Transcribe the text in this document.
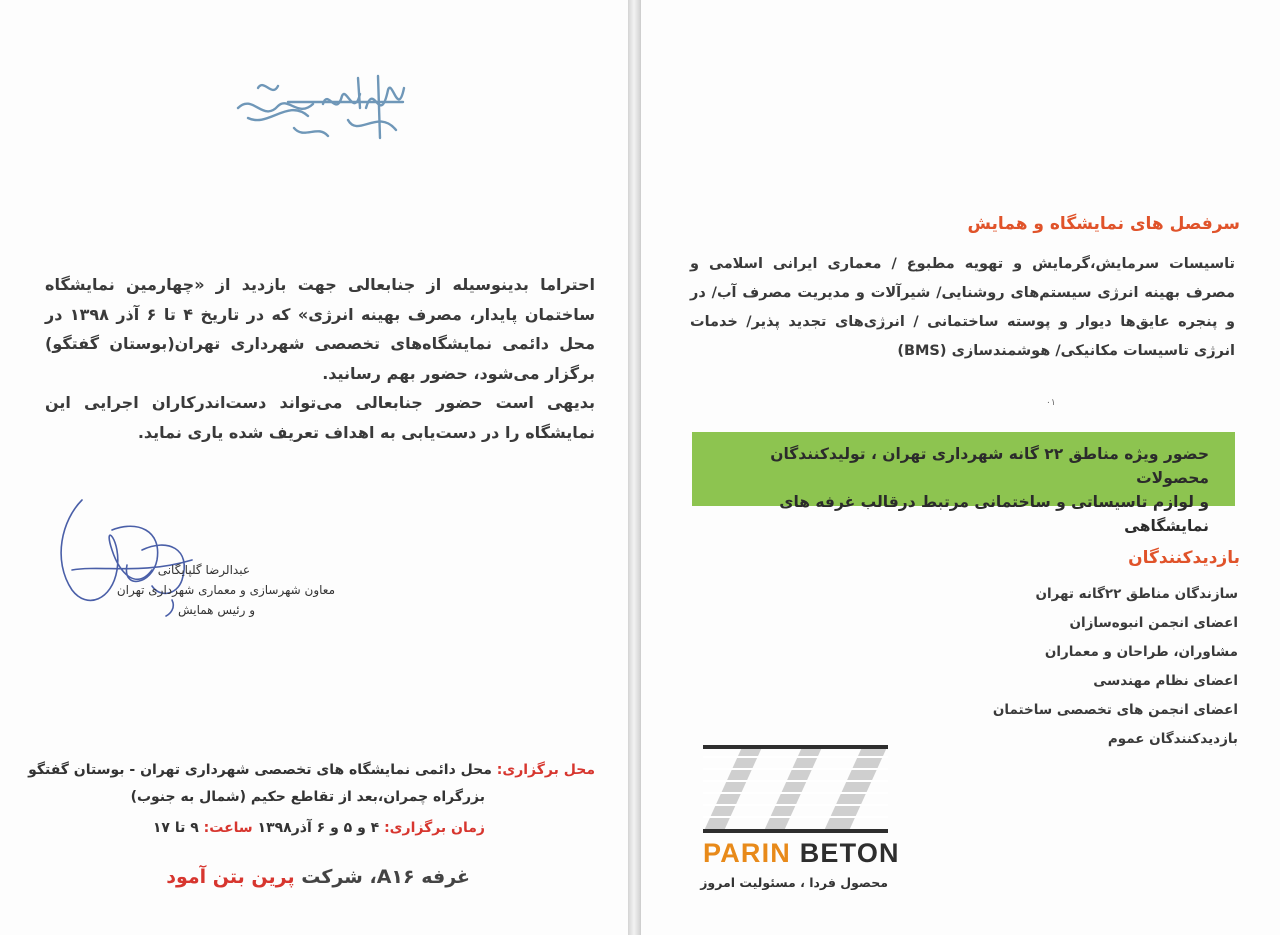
احتراما بدینوسیله از جنابعالی جهت بازدید از «چهارمین نمایشگاه ساختمان پایدار، مصرف بهینه انرژی» که در تاریخ ۴ تا ۶ آذر ۱۳۹۸ در محل دائمی نمایشگاه‌های تخصصی شهرداری تهران(بوستان گفتگو) برگزار می‌شود، حضور بهم رسانید.

بدیهی است حضور جنابعالی می‌تواند دست‌اندرکاران اجرایی این نمایشگاه را در دست‌یابی به اهداف تعریف شده یاری نماید.

عبدالرضا گلپایگانی
معاون شهرسازی و معماری شهرداری تهران
و رئیس همایش
محل برگزاری: محل دائمی نمایشگاه های تخصصی شهرداری تهران - بوستان گفتگو
بزرگراه چمران،بعد از تقاطع حکیم (شمال به جنوب)
زمان برگزاری: ۴ و ۵ و ۶ آذر۱۳۹۸ ساعت: ۹ تا ۱۷
غرفه A۱۶، شرکت پرین بتن آمود
سرفصل های نمایشگاه و همایش

تاسیسات سرمایش،گرمایش و تهویه مطبوع / معماری ایرانی اسلامی و مصرف بهینه انرژی سیستم‌های روشنایی/ شیرآلات و مدیریت مصرف آب/ در و پنجره عایق‌ها دیوار و پوسته ساختمانی / انرژی‌های تجدید پذیر/ خدمات انرژی تاسیسات مکانیکی/ هوشمندسازی (BMS)

۰۱

حضور ویژه مناطق ۲۲ گانه شهرداری تهران ، تولیدکنندگان محصولات

و لوازم تاسیساتی و ساختمانی مرتبط درقالب غرفه های نمایشگاهی

بازدیدکنندگان
سازندگان مناطق ۲۲گانه تهران
اعضای انجمن انبوه‌سازان
مشاوران، طراحان و معماران
اعضای نظام مهندسی
اعضای انجمن های تخصصی ساختمان
بازدیدکنندگان عموم
PARIN BETON
محصول فردا ، مسئولیت امروز
